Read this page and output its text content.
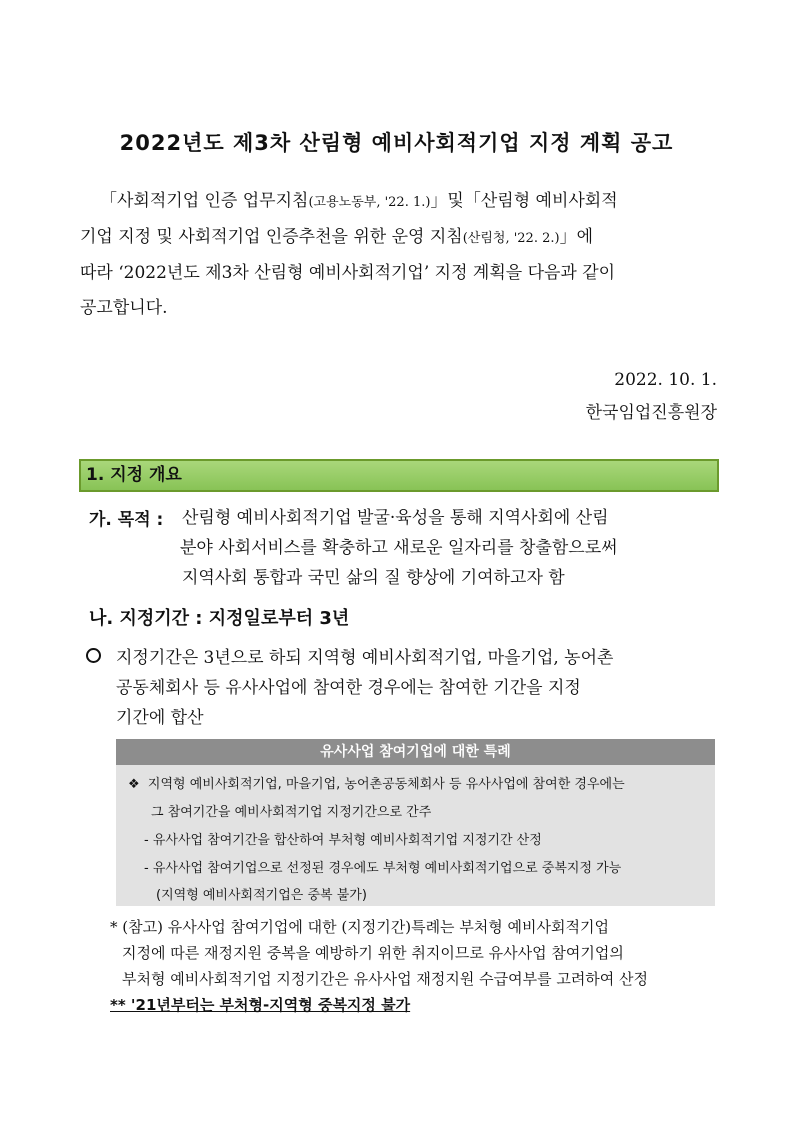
2022년도 제3차 산림형 예비사회적기업 지정 계획 공고
「사회적기업 인증 업무지침(고용노동부, '22. 1.)」및「산림형 예비사회적
기업 지정 및 사회적기업 인증추천을 위한 운영 지침(산림청, '22. 2.)」에
따라 ‘2022년도 제3차 산림형 예비사회적기업’ 지정 계획을 다음과 같이
공고합니다.
2022. 10. 1.
한국임업진흥원장
1. 지정 개요
가. 목적 : 산림형 예비사회적기업 발굴·육성을 통해 지역사회에 산림
분야 사회서비스를 확충하고 새로운 일자리를 창출함으로써
지역사회 통합과 국민 삶의 질 향상에 기여하고자 함
나. 지정기간 : 지정일로부터 3년
지정기간은 3년으로 하되 지역형 예비사회적기업, 마을기업, 농어촌
공동체회사 등 유사사업에 참여한 경우에는 참여한 기간을 지정
기간에 합산
유사사업 참여기업에 대한 특례
❖ 지역형 예비사회적기업, 마을기업, 농어촌공동체회사 등 유사사업에 참여한 경우에는
그 참여기간을 예비사회적기업 지정기간으로 간주
- 유사사업 참여기간을 합산하여 부처형 예비사회적기업 지정기간 산정
- 유사사업 참여기업으로 선정된 경우에도 부처형 예비사회적기업으로 중복지정 가능
(지역형 예비사회적기업은 중복 불가)
* (참고) 유사사업 참여기업에 대한 (지정기간)특례는 부처형 예비사회적기업
지정에 따른 재정지원 중복을 예방하기 위한 취지이므로 유사사업 참여기업의
부처형 예비사회적기업 지정기간은 유사사업 재정지원 수급여부를 고려하여 산정
** '21년부터는 부처형-지역형 중복지정 불가
